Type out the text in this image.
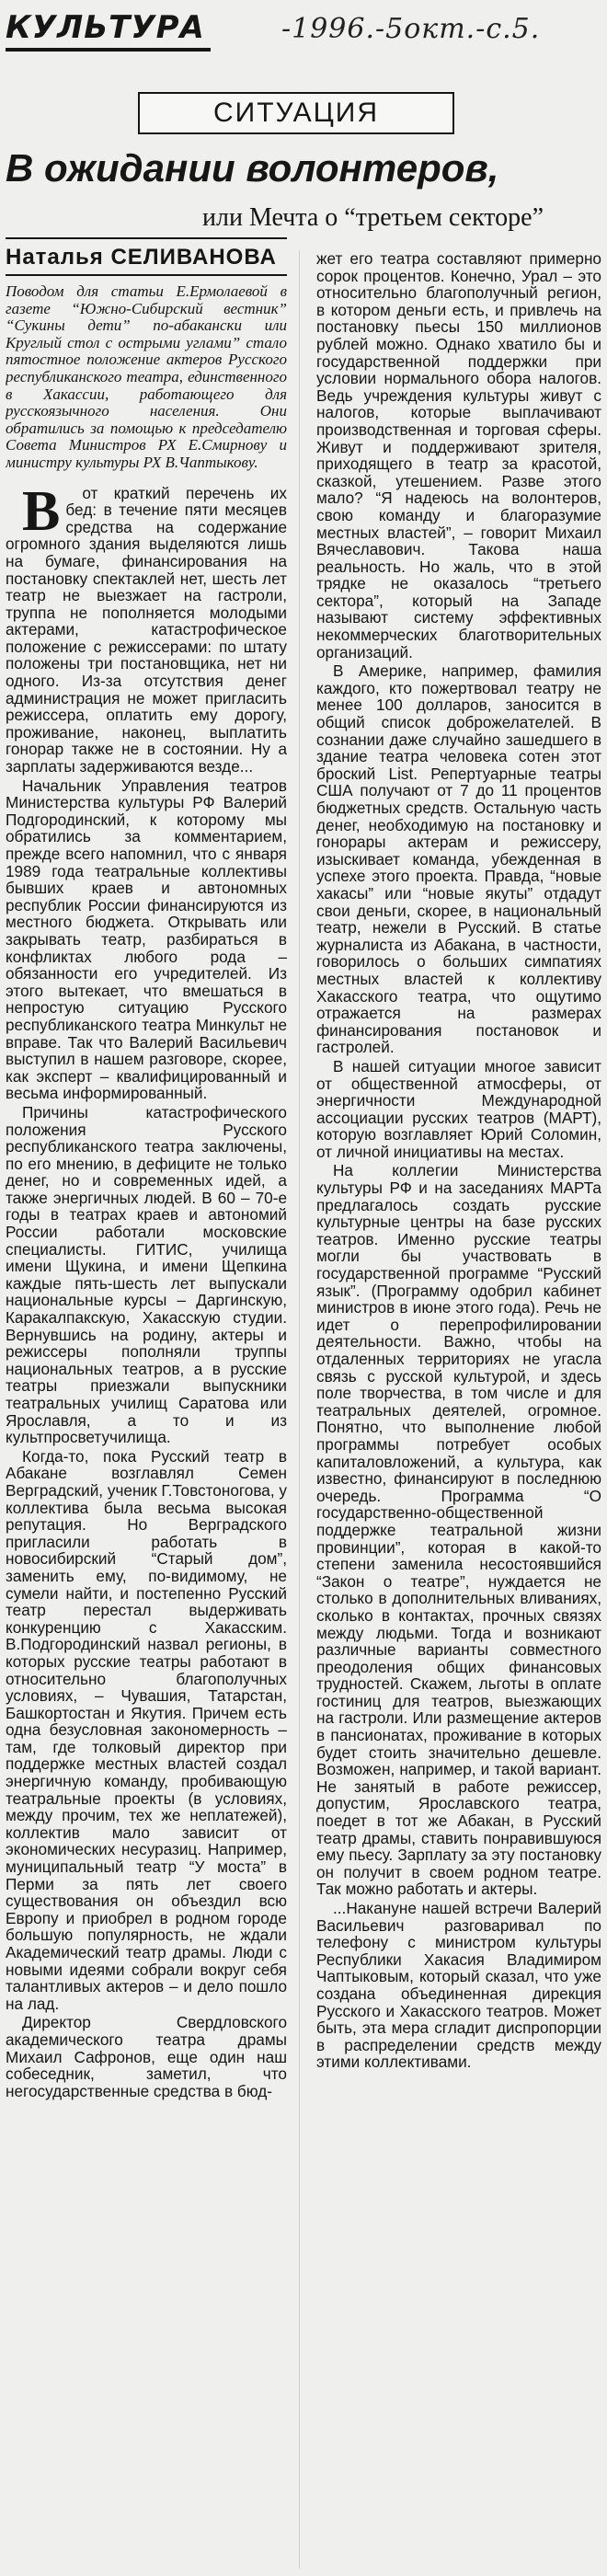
КУЛЬТУРА	-1996.-5окт.-с.5.
СИТУАЦИЯ
В ожидании волонтеров,
или Мечта о “третьем секторе”
Наталья СЕЛИВАНОВА

Поводом для статьи Е.Ермолаевой в газете “Южно-Сибирский вестник” “Сукины дети” по-абакански или Круглый стол с острыми углами” стало пятостное положение актеров Русского республиканского театра, единственного в Хакассии, работающего для русскоязычного населения. Они обратились за помощью к председателю Совета Министров РХ Е.Смирнову и министру культуры РХ В.Чаптыкову.

В	от краткий перечень их бед: в течение пяти месяцев средства на содержание огромного здания выделяются лишь на бумаге, финансирования на постановку спектаклей нет, шесть лет театр не выезжает на гастроли, труппа не пополняется молодыми актерами, катастрофическое положение с режиссерами: по штату положены три постановщика, нет ни одного. Из-за отсутствия денег администрация не может пригласить режиссера, оплатить ему дорогу, проживание, наконец, выплатить гонорар также не в состоянии. Ну а зарплаты задерживаются везде...

Начальник Управления театров Министерства культуры РФ Валерий Подгородинский, к которому мы обратились за комментарием, прежде всего напомнил, что с января 1989 года театральные коллективы бывших краев и автономных республик России финансируются из местного бюджета. Открывать или закрывать театр, разбираться в конфликтах любого рода – обязанности его учредителей. Из этого вытекает, что вмешаться в непростую ситуацию Русского республиканского театра Минкульт не вправе. Так что Валерий Васильевич выступил в нашем разговоре, скорее, как эксперт – квалифицированный и весьма информированный.

Причины катастрофического положения Русского республиканского театра заключены, по его мнению, в дефиците не только денег, но и современных идей, а также энергичных людей. В 60 – 70-е годы в театрах краев и автономий России работали московские специалисты. ГИТИС, училища имени Щукина, и имени Щепкина каждые пять-шесть лет выпускали национальные курсы – Даргинскую, Каракалпакскую, Хакасскую студии. Вернувшись на родину, актеры и режиссеры пополняли труппы национальных театров, а в русские театры приезжали выпускники театральных училищ Саратова или Ярославля, а то и из культпросветучилища.

Когда-то, пока Русский театр в Абакане возглавлял Семен Верградский, ученик Г.Товстоногова, у коллектива была весьма высокая репутация. Но Верградского пригласили работать в новосибирский “Старый дом”, заменить ему, по-видимому, не сумели найти, и постепенно Русский театр перестал выдерживать конкуренцию с Хакасским. В.Подгородинский назвал регионы, в которых русские театры работают в относительно благополучных условиях, – Чувашия, Татарстан, Башкортостан и Якутия. Причем есть одна безусловная закономерность – там, где толковый директор при поддержке местных властей создал энергичную команду, пробивающую театральные проекты (в условиях, между прочим, тех же неплатежей), коллектив мало зависит от экономических несуразиц. Например, муниципальный театр “У моста” в Перми за пять лет своего существования он объездил всю Европу и приобрел в родном городе большую популярность, не ждали Академический театр драмы. Люди с новыми идеями собрали вокруг себя талантливых актеров – и дело пошло на лад.

Директор Свердловского академического театра драмы Михаил Сафронов, еще один наш собеседник, заметил, что негосударственные средства в бюд-

жет его театра составляют примерно сорок процентов. Конечно, Урал – это относительно благополучный регион, в котором деньги есть, и привлечь на постановку пьесы 150 миллионов рублей можно. Однако хватило бы и государственной поддержки при условии нормального обора налогов. Ведь учреждения культуры живут с налогов, которые выплачивают производственная и торговая сферы. Живут и поддерживают зрителя, приходящего в театр за красотой, сказкой, утешением. Разве этого мало? “Я надеюсь на волонтеров, свою команду и благоразумие местных властей”, – говорит Михаил Вячеславович. Такова наша реальность. Но жаль, что в этой трядке не оказалось “третьего сектора”, который на Западе называют систему эффективных некоммерческих благотворительных организаций.

В Америке, например, фамилия каждого, кто пожертвовал театру не менее 100 долларов, заносится в общий список доброжелателей. В сознании даже случайно зашедшего в здание театра человека сотен этот броский List. Репертуарные театры США получают от 7 до 11 процентов бюджетных средств. Остальную часть денег, необходимую на постановку и гонорары актерам и режиссеру, изыскивает команда, убежденная в успехе этого проекта. Правда, “новые хакасы” или “новые якуты” отдадут свои деньги, скорее, в национальный театр, нежели в Русский. В статье журналиста из Абакана, в частности, говорилось о больших симпатиях местных властей к коллективу Хакасского театра, что ощутимо отражается на размерах финансирования постановок и гастролей.

В нашей ситуации многое зависит от общественной атмосферы, от энергичности Международной ассоциации русских театров (МАРТ), которую возглавляет Юрий Соломин, от личной инициативы на местах.

На коллегии Министерства культуры РФ и на заседаниях МАРТа предлагалось создать русские культурные центры на базе русских театров. Именно русские театры могли бы участвовать в государственной программе “Русский язык”. (Программу одобрил кабинет министров в июне этого года). Речь не идет о перепрофилировании деятельности. Важно, чтобы на отдаленных территориях не угасла связь с русской культурой, и здесь поле творчества, в том числе и для театральных деятелей, огромное. Понятно, что выполнение любой программы потребует особых капиталовложений, а культура, как известно, финансируют в последнюю очередь. Программа “О государственно-общественной поддержке театральной жизни провинции”, которая в какой-то степени заменила несостоявшийся “Закон о театре”, нуждается не столько в дополнительных вливаниях, сколько в контактах, прочных связях между людьми. Тогда и возникают различные варианты совместного преодоления общих финансовых трудностей. Скажем, льготы в оплате гостиниц для театров, выезжающих на гастроли. Или размещение актеров в пансионатах, проживание в которых будет стоить значительно дешевле. Возможен, например, и такой вариант. Не занятый в работе режиссер, допустим, Ярославского театра, поедет в тот же Абакан, в Русский театр драмы, ставить понравившуюся ему пьесу. Зарплату за эту постановку он получит в своем родном театре. Так можно работать и актеры.

...Накануне нашей встречи Валерий Васильевич разговаривал по телефону с министром культуры Республики Хакасия Владимиром Чаптыковым, который сказал, что уже создана объединенная дирекция Русского и Хакасского театров. Может быть, эта мера сгладит диспропорции в распределении средств между этими коллективами.
